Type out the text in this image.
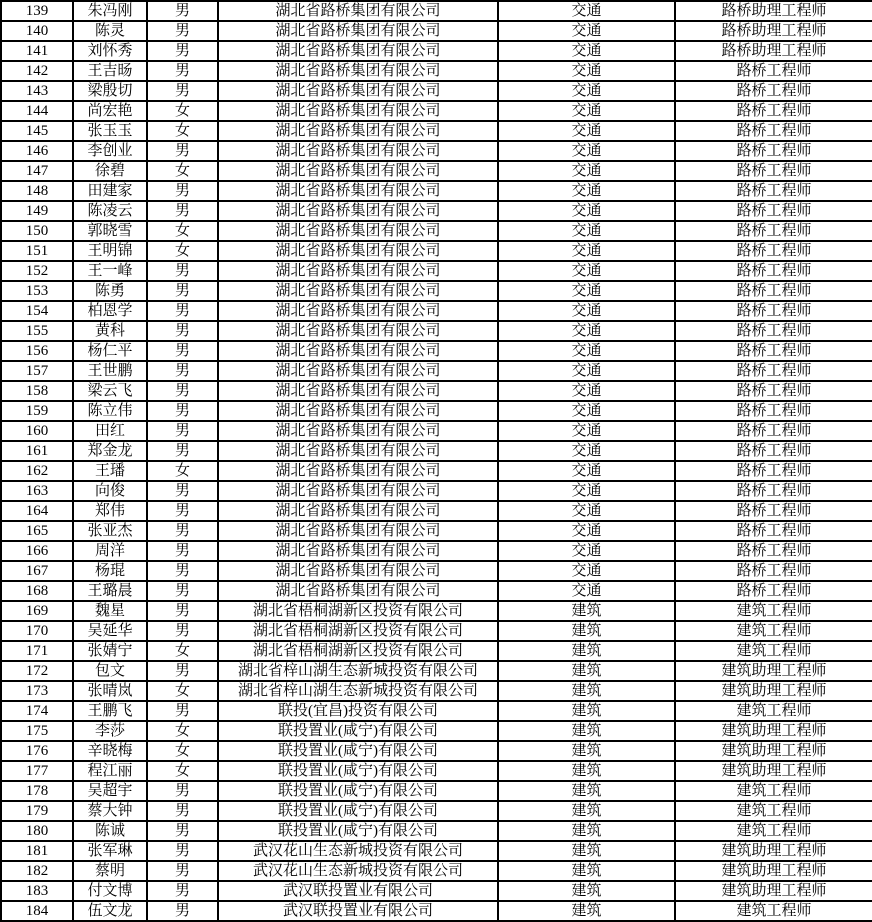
139	朱冯刚	男	湖北省路桥集团有限公司	交通	路桥助理工程师
140	陈灵	男	湖北省路桥集团有限公司	交通	路桥助理工程师
141	刘怀秀	男	湖北省路桥集团有限公司	交通	路桥助理工程师
142	王吉旸	男	湖北省路桥集团有限公司	交通	路桥工程师
143	梁殷切	男	湖北省路桥集团有限公司	交通	路桥工程师
144	尚宏艳	女	湖北省路桥集团有限公司	交通	路桥工程师
145	张玉玉	女	湖北省路桥集团有限公司	交通	路桥工程师
146	李创业	男	湖北省路桥集团有限公司	交通	路桥工程师
147	徐碧	女	湖北省路桥集团有限公司	交通	路桥工程师
148	田建家	男	湖北省路桥集团有限公司	交通	路桥工程师
149	陈凌云	男	湖北省路桥集团有限公司	交通	路桥工程师
150	郭晓雪	女	湖北省路桥集团有限公司	交通	路桥工程师
151	王明锦	女	湖北省路桥集团有限公司	交通	路桥工程师
152	王一峰	男	湖北省路桥集团有限公司	交通	路桥工程师
153	陈勇	男	湖北省路桥集团有限公司	交通	路桥工程师
154	柏恩学	男	湖北省路桥集团有限公司	交通	路桥工程师
155	黄科	男	湖北省路桥集团有限公司	交通	路桥工程师
156	杨仁平	男	湖北省路桥集团有限公司	交通	路桥工程师
157	王世鹏	男	湖北省路桥集团有限公司	交通	路桥工程师
158	梁云飞	男	湖北省路桥集团有限公司	交通	路桥工程师
159	陈立伟	男	湖北省路桥集团有限公司	交通	路桥工程师
160	田红	男	湖北省路桥集团有限公司	交通	路桥工程师
161	郑金龙	男	湖北省路桥集团有限公司	交通	路桥工程师
162	王璠	女	湖北省路桥集团有限公司	交通	路桥工程师
163	向俊	男	湖北省路桥集团有限公司	交通	路桥工程师
164	郑伟	男	湖北省路桥集团有限公司	交通	路桥工程师
165	张亚杰	男	湖北省路桥集团有限公司	交通	路桥工程师
166	周洋	男	湖北省路桥集团有限公司	交通	路桥工程师
167	杨琨	男	湖北省路桥集团有限公司	交通	路桥工程师
168	王璐晨	男	湖北省路桥集团有限公司	交通	路桥工程师
169	魏星	男	湖北省梧桐湖新区投资有限公司	建筑	建筑工程师
170	吴延华	男	湖北省梧桐湖新区投资有限公司	建筑	建筑工程师
171	张婧宁	女	湖北省梧桐湖新区投资有限公司	建筑	建筑工程师
172	包文	男	湖北省梓山湖生态新城投资有限公司	建筑	建筑助理工程师
173	张晴岚	女	湖北省梓山湖生态新城投资有限公司	建筑	建筑助理工程师
174	王鹏飞	男	联投(宜昌)投资有限公司	建筑	建筑工程师
175	李莎	女	联投置业(咸宁)有限公司	建筑	建筑助理工程师
176	辛晓梅	女	联投置业(咸宁)有限公司	建筑	建筑助理工程师
177	程江丽	女	联投置业(咸宁)有限公司	建筑	建筑助理工程师
178	吴超宇	男	联投置业(咸宁)有限公司	建筑	建筑工程师
179	蔡大钟	男	联投置业(咸宁)有限公司	建筑	建筑工程师
180	陈诚	男	联投置业(咸宁)有限公司	建筑	建筑工程师
181	张军琳	男	武汉花山生态新城投资有限公司	建筑	建筑助理工程师
182	蔡明	男	武汉花山生态新城投资有限公司	建筑	建筑助理工程师
183	付文博	男	武汉联投置业有限公司	建筑	建筑助理工程师
184	伍文龙	男	武汉联投置业有限公司	建筑	建筑工程师
